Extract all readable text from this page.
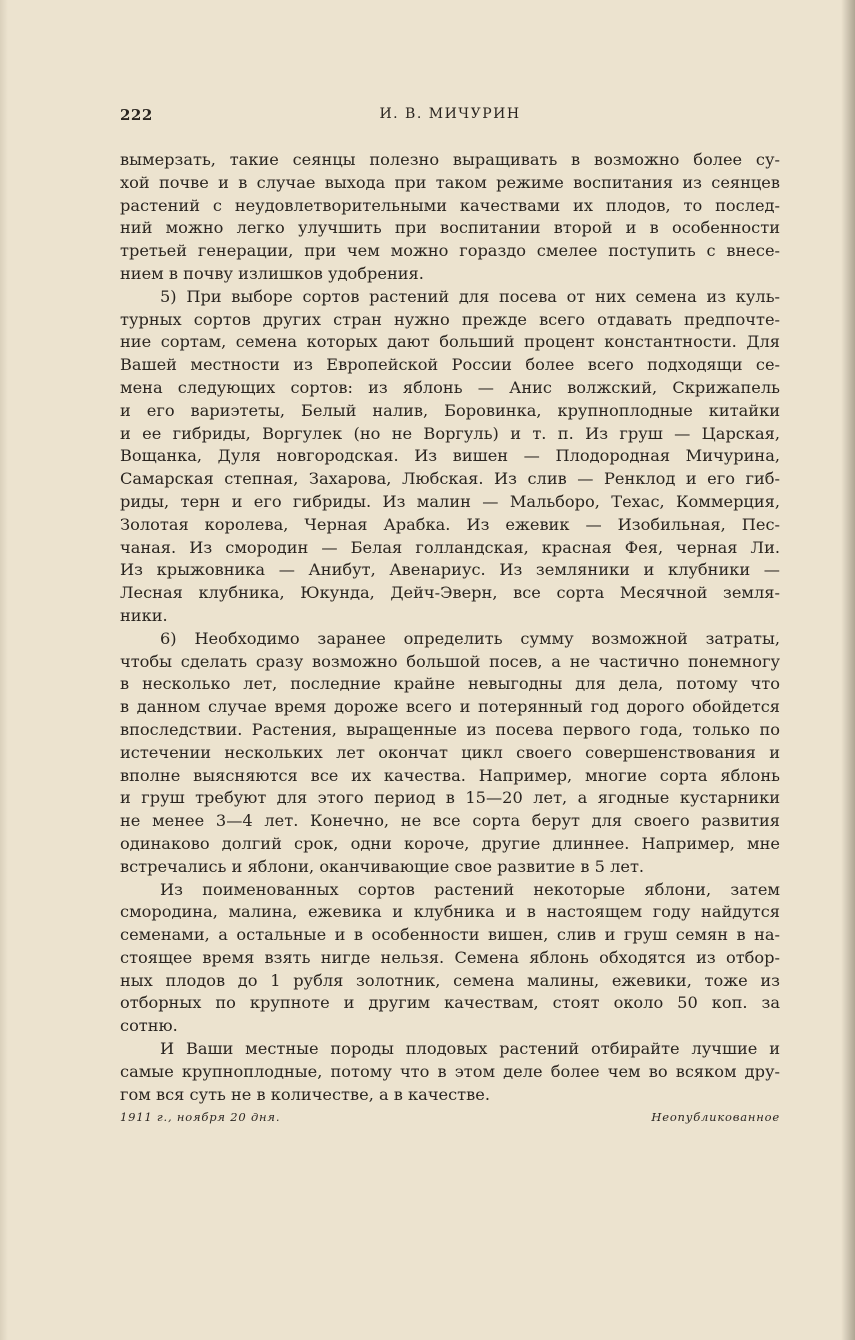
222	И. В. МИЧУРИН
вымерзать, такие сеянцы полезно выращивать в возможно более су-
хой почве и в случае выхода при таком режиме воспитания из сеянцев
растений с неудовлетворительными качествами их плодов, то послед-
ний можно легко улучшить при воспитании второй и в особенности
третьей генерации, при чем можно гораздо смелее поступить с внесе-
нием в почву излишков удобрения.
5) При выборе сортов растений для посева от них семена из куль-
турных сортов других стран нужно прежде всего отдавать предпочте-
ние сортам, семена которых дают больший процент константности. Для
Вашей местности из Европейской России более всего подходящи се-
мена следующих сортов: из яблонь — Анис волжский, Скрижапель
и его вариэтеты, Белый налив, Боровинка, крупноплодные китайки
и ее гибриды, Воргулек (но не Воргуль) и т. п. Из груш — Царская,
Вощанка, Дуля новгородская. Из вишен — Плодородная Мичурина,
Самарская степная, Захарова, Любская. Из слив — Ренклод и его гиб-
риды, терн и его гибриды. Из малин — Мальборо, Техас, Коммерция,
Золотая королева, Черная Арабка. Из ежевик — Изобильная, Пес-
чаная. Из смородин — Белая голландская, красная Фея, черная Ли.
Из крыжовника — Анибут, Авенариус. Из земляники и клубники —
Лесная клубника, Юкунда, Дейч-Эверн, все сорта Месячной земля-
ники.
6) Необходимо заранее определить сумму возможной затраты,
чтобы сделать сразу возможно большой посев, а не частично понемногу
в несколько лет, последние крайне невыгодны для дела, потому что
в данном случае время дороже всего и потерянный год дорого обойдется
впоследствии. Растения, выращенные из посева первого года, только по
истечении нескольких лет окончат цикл своего совершенствования и
вполне выясняются все их качества. Например, многие сорта яблонь
и груш требуют для этого период в 15—20 лет, а ягодные кустарники
не менее 3—4 лет. Конечно, не все сорта берут для своего развития
одинаково долгий срок, одни короче, другие длиннее. Например, мне
встречались и яблони, оканчивающие свое развитие в 5 лет.
Из поименованных сортов растений некоторые яблони, затем
смородина, малина, ежевика и клубника и в настоящем году найдутся
семенами, а остальные и в особенности вишен, слив и груш семян в на-
стоящее время взять нигде нельзя. Семена яблонь обходятся из отбор-
ных плодов до 1 рубля золотник, семена малины, ежевики, тоже из
отборных по крупноте и другим качествам, стоят около 50 коп. за
сотню.
И Ваши местные породы плодовых растений отбирайте лучшие и
самые крупноплодные, потому что в этом деле более чем во всяком дру-
гом вся суть не в количестве, а в качестве.
1911 г., ноября 20 дня.	Неопубликованное
